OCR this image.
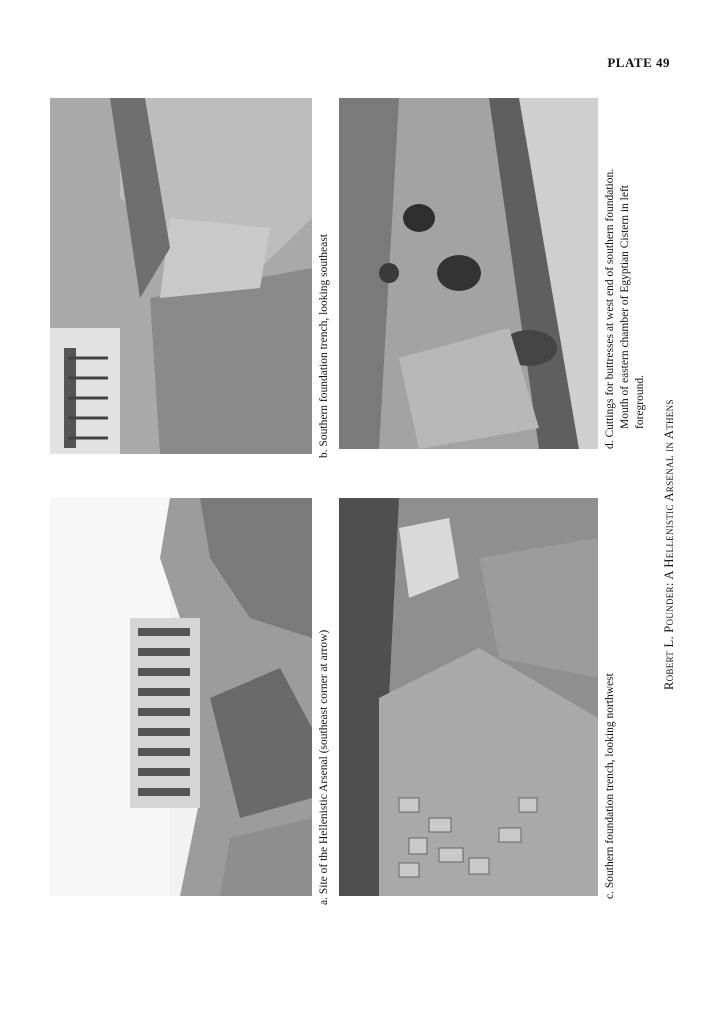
PLATE 49
a. Site of the Hellenistic Arsenal (southeast corner at arrow)
b. Southern foundation trench, looking southeast
c. Southern foundation trench, looking northwest
d. Cuttings for buttresses at west end of southern foundation. Mouth of eastern chamber of Egyptian Cistern in left foreground. Robert L. Pounder: A Hellenistic Arsenal in Athens
